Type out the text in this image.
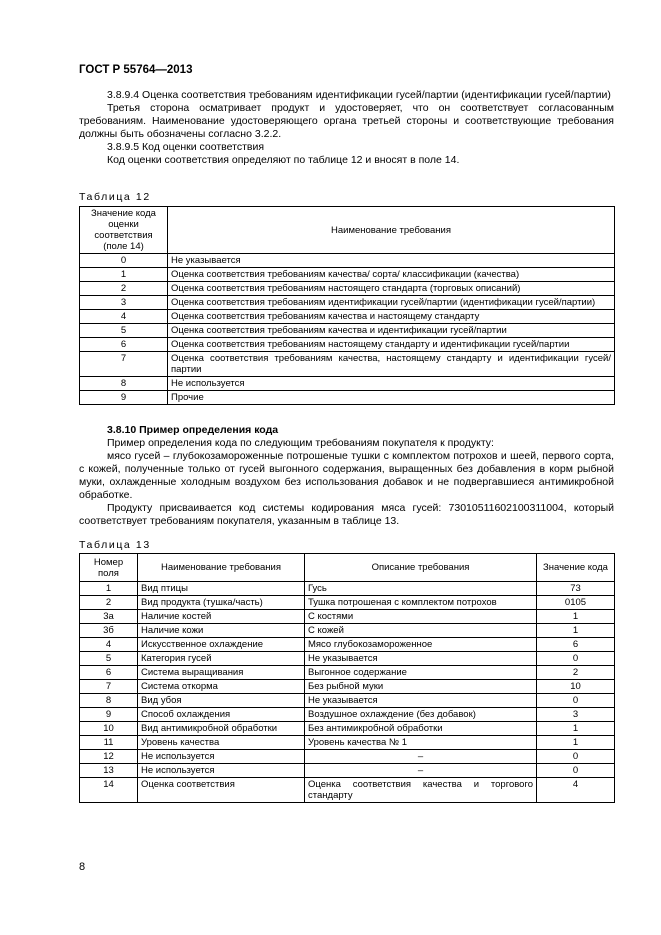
ГОСТ Р 55764—2013

3.8.9.4 Оценка соответствия требованиям идентификации гусей/партии (идентификации гусей/партии)

Третья сторона осматривает продукт и удостоверяет, что он соответствует согласованным требованиям. Наименование удостоверяющего органа третьей стороны и соответствующие требования должны быть обозначены согласно 3.2.2.

3.8.9.5 Код оценки соответствия

Код оценки соответствия определяют по таблице 12 и вносят в поле 14.

Таблица 12
Значение кода оценки соответствия (поле 14)	Наименование требования
0	Не указывается
1	Оценка соответствия требованиям качества/ сорта/ классификации (качества)
2	Оценка соответствия требованиям настоящего стандарта (торговых описаний)
3	Оценка соответствия требованиям идентификации гусей/партии (идентификации гусей/партии)
4	Оценка соответствия требованиям качества и настоящему стандарту
5	Оценка соответствия требованиям качества и идентификации гусей/партии
6	Оценка соответствия требованиям настоящему стандарту и идентификации гусей/партии
7	Оценка соответствия требованиям качества, настоящему стандарту и идентификации гусей/партии
8	Не используется
9	Прочие

3.8.10 Пример определения кода

Пример определения кода по следующим требованиям покупателя к продукту:

мясо гусей – глубокозамороженные потрошеные тушки с комплектом потрохов и шеей, первого сорта, с кожей, полученные только от гусей выгонного содержания, выращенных без добавления в корм рыбной муки, охлажденные холодным воздухом без использования добавок и не подвергавшиеся антимикробной обработке.

Продукту присваивается код системы кодирования мяса гусей: 73010511602100311004, который соответствует требованиям покупателя, указанным в таблице 13.

Таблица 13
Номер поля	Наименование требования	Описание требования	Значение кода
1	Вид птицы	Гусь	73
2	Вид продукта (тушка/часть)	Тушка потрошеная с комплектом потрохов	0105
3а	Наличие костей	С костями	1
3б	Наличие кожи	С кожей	1
4	Искусственное охлаждение	Мясо глубокозамороженное	6
5	Категория гусей	Не указывается	0
6	Система выращивания	Выгонное содержание	2
7	Система откорма	Без рыбной муки	10
8	Вид убоя	Не указывается	0
9	Способ охлаждения	Воздушное охлаждение (без добавок)	3
10	Вид антимикробной обработки	Без антимикробной обработки	1
11	Уровень качества	Уровень качества № 1	1
12	Не используется	–	0
13	Не используется	–	0
14	Оценка соответствия	Оценка соответствия качества и торгового стандарту	4
8
